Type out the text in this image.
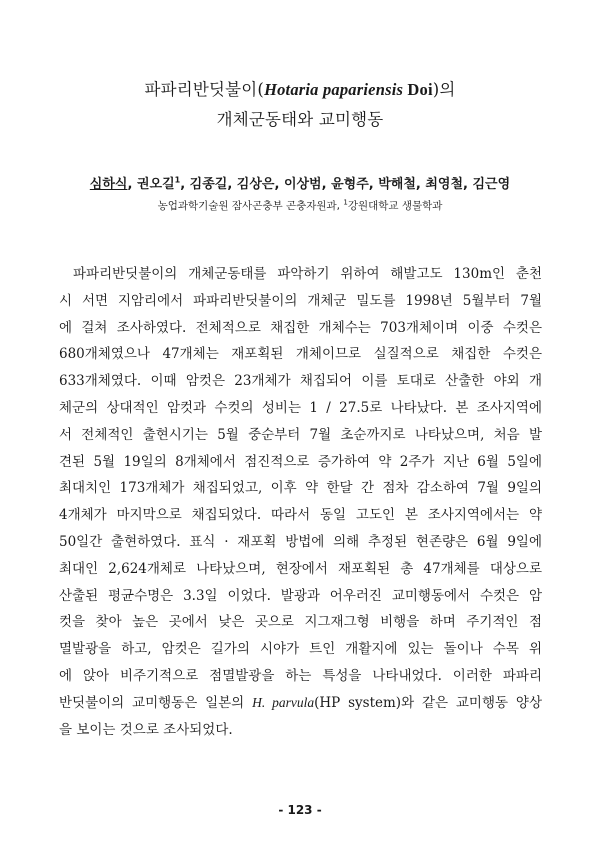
파파리반딧불이(Hotaria papariensis Doi)의
개체군동태와 교미행동
심하식, 권오길$^1$, 김종길, 김상은, 이상범, 윤형주, 박해철, 최영철, 김근영
농업과학기술원 잠사곤충부 곤충자원과, $^1$강원대학교 생물학과
파파리반딧불이의 개체군동태를 파악하기 위하여 해발고도 130m인 춘천
시 서면 지암리에서 파파리반딧불이의 개체군 밀도를 1998년 5월부터 7월
에 걸쳐 조사하였다. 전체적으로 채집한 개체수는 703개체이며 이중 수컷은
680개체였으나 47개체는 재포획된 개체이므로 실질적으로 채집한 수컷은
633개체였다. 이때 암컷은 23개체가 채집되어 이를 토대로 산출한 야외 개
체군의 상대적인 암컷과 수컷의 성비는 1 / 27.5로 나타났다. 본 조사지역에
서 전체적인 출현시기는 5월 중순부터 7월 초순까지로 나타났으며, 처음 발
견된 5월 19일의 8개체에서 점진적으로 증가하여 약 2주가 지난 6월 5일에
최대치인 173개체가 채집되었고, 이후 약 한달 간 점차 감소하여 7월 9일의
4개체가 마지막으로 채집되었다. 따라서 동일 고도인 본 조사지역에서는 약
50일간 출현하였다. 표식 · 재포획 방법에 의해 추정된 현존량은 6월 9일에
최대인 2,624개체로 나타났으며, 현장에서 재포획된 총 47개체를 대상으로
산출된 평균수명은 3.3일 이었다. 발광과 어우러진 교미행동에서 수컷은 암
컷을 찾아 높은 곳에서 낮은 곳으로 지그재그형 비행을 하며 주기적인 점
멸발광을 하고, 암컷은 길가의 시야가 트인 개활지에 있는 돌이나 수목 위
에 앉아 비주기적으로 점멸발광을 하는 특성을 나타내었다. 이러한 파파리
반딧불이의 교미행동은 일본의 H. parvula(HP system)와 같은 교미행동 양상
을 보이는 것으로 조사되었다.
- 123 -
